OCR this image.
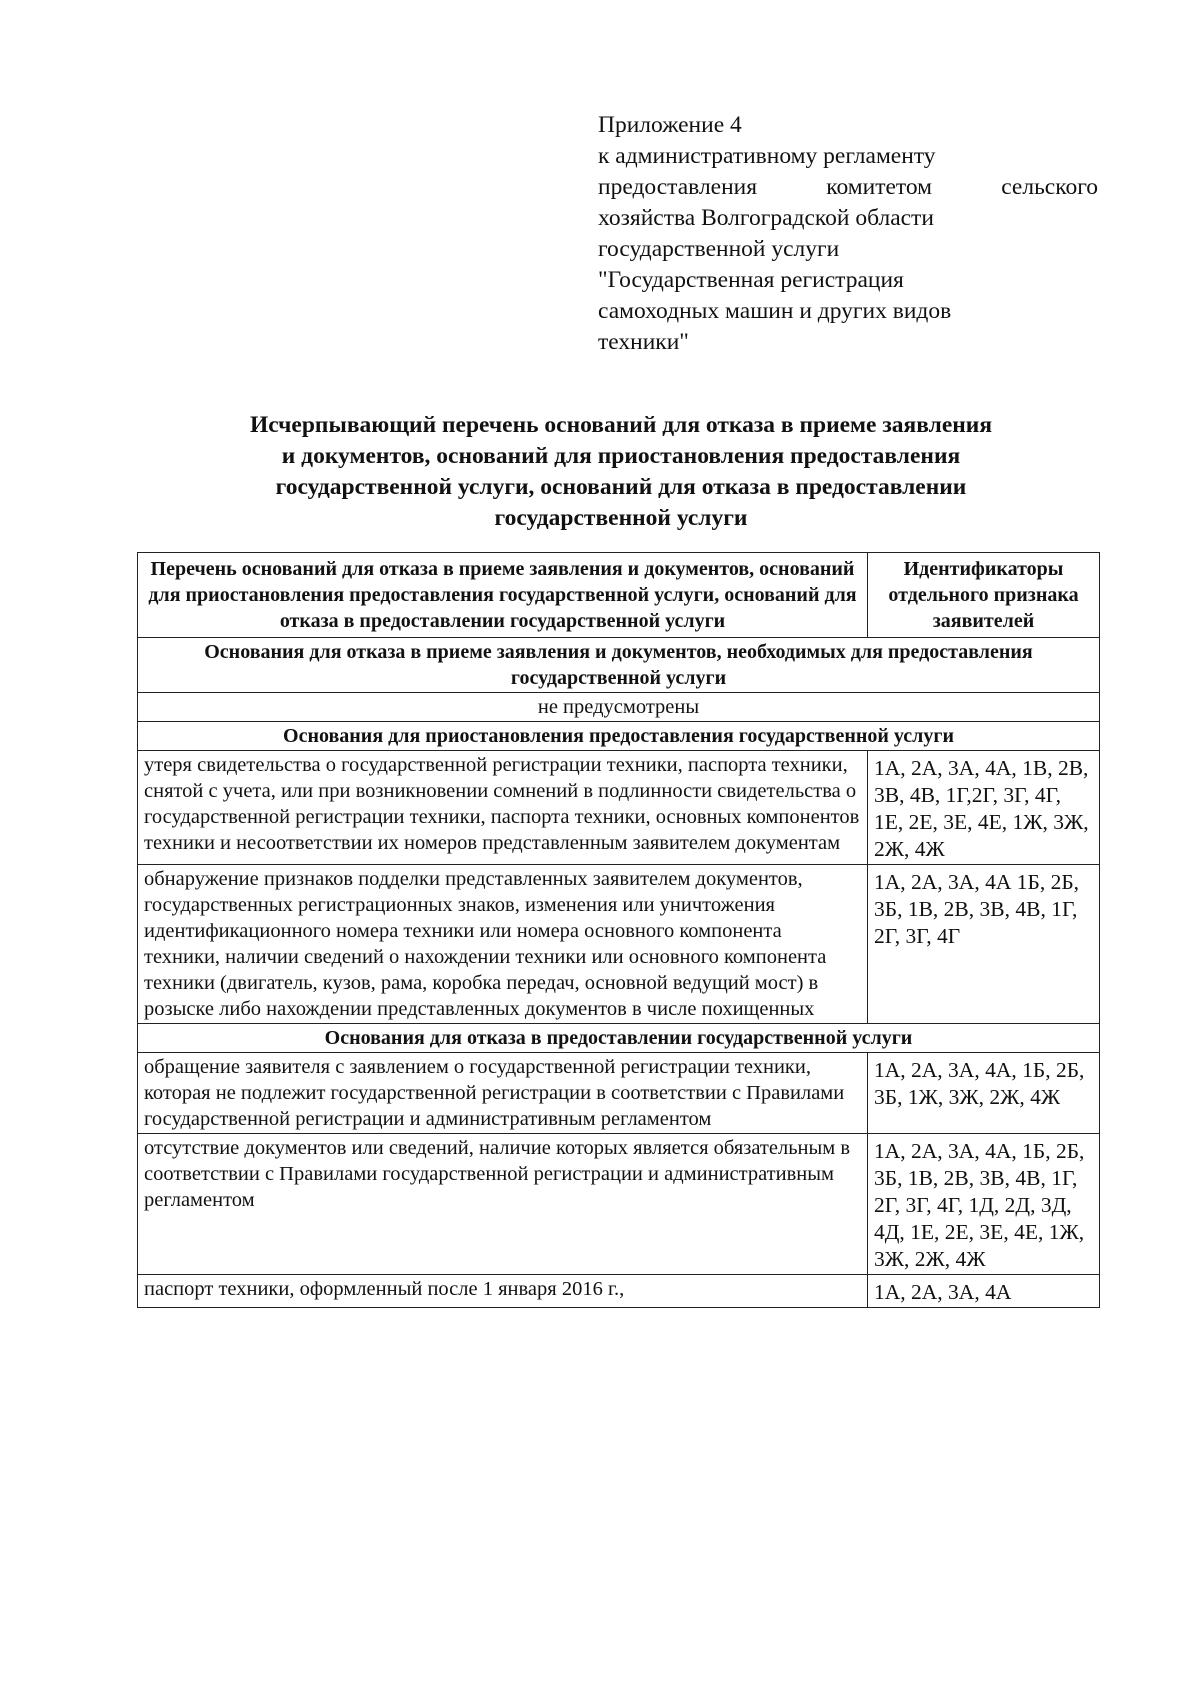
Приложение 4
к административному регламенту
предоставления комитетом сельского
хозяйства Волгоградской области
государственной услуги
"Государственная регистрация
самоходных машин и других видов
техники"
Исчерпывающий перечень оснований для отказа в приеме заявления
и документов, оснований для приостановления предоставления
государственной услуги, оснований для отказа в предоставлении
государственной услуги
Перечень оснований для отказа в приеме заявления и документов, оснований для приостановления предоставления государственной услуги, оснований для отказа в предоставлении государственной услуги	Идентификаторы отдельного признака заявителей
Основания для отказа в приеме заявления и документов, необходимых для предоставления государственной услуги	
не предусмотрены	
Основания для приостановления предоставления государственной услуги	
утеря свидетельства о государственной регистрации техники, паспорта техники, снятой с учета, или при возникновении сомнений в подлинности свидетельства о государственной регистрации техники, паспорта техники, основных компонентов техники и несоответствии их номеров представленным заявителем документам	1А, 2А, 3А, 4А, 1В, 2В, 3В, 4В, 1Г,2Г, 3Г, 4Г, 1Е, 2Е, 3Е, 4Е, 1Ж, 3Ж, 2Ж, 4Ж
обнаружение признаков подделки представленных заявителем документов, государственных регистрационных знаков, изменения или уничтожения идентификационного номера техники или номера основного компонента техники, наличии сведений о нахождении техники или основного компонента техники (двигатель, кузов, рама, коробка передач, основной ведущий мост) в розыске либо нахождении представленных документов в числе похищенных	1А, 2А, 3А, 4А 1Б, 2Б, 3Б, 1В, 2В, 3В, 4В, 1Г, 2Г, 3Г, 4Г
Основания для отказа в предоставлении государственной услуги	
обращение заявителя с заявлением о государственной регистрации техники, которая не подлежит государственной регистрации в соответствии с Правилами государственной регистрации и административным регламентом	1А, 2А, 3А, 4А, 1Б, 2Б, 3Б, 1Ж, 3Ж, 2Ж, 4Ж
отсутствие документов или сведений, наличие которых является обязательным в соответствии с Правилами государственной регистрации и административным регламентом	1А, 2А, 3А, 4А, 1Б, 2Б, 3Б, 1В, 2В, 3В, 4В, 1Г, 2Г, 3Г, 4Г, 1Д, 2Д, 3Д, 4Д, 1Е, 2Е, 3Е, 4Е, 1Ж, 3Ж, 2Ж, 4Ж
паспорт техники, оформленный после 1 января 2016 г.,	1А, 2А, 3А, 4А
